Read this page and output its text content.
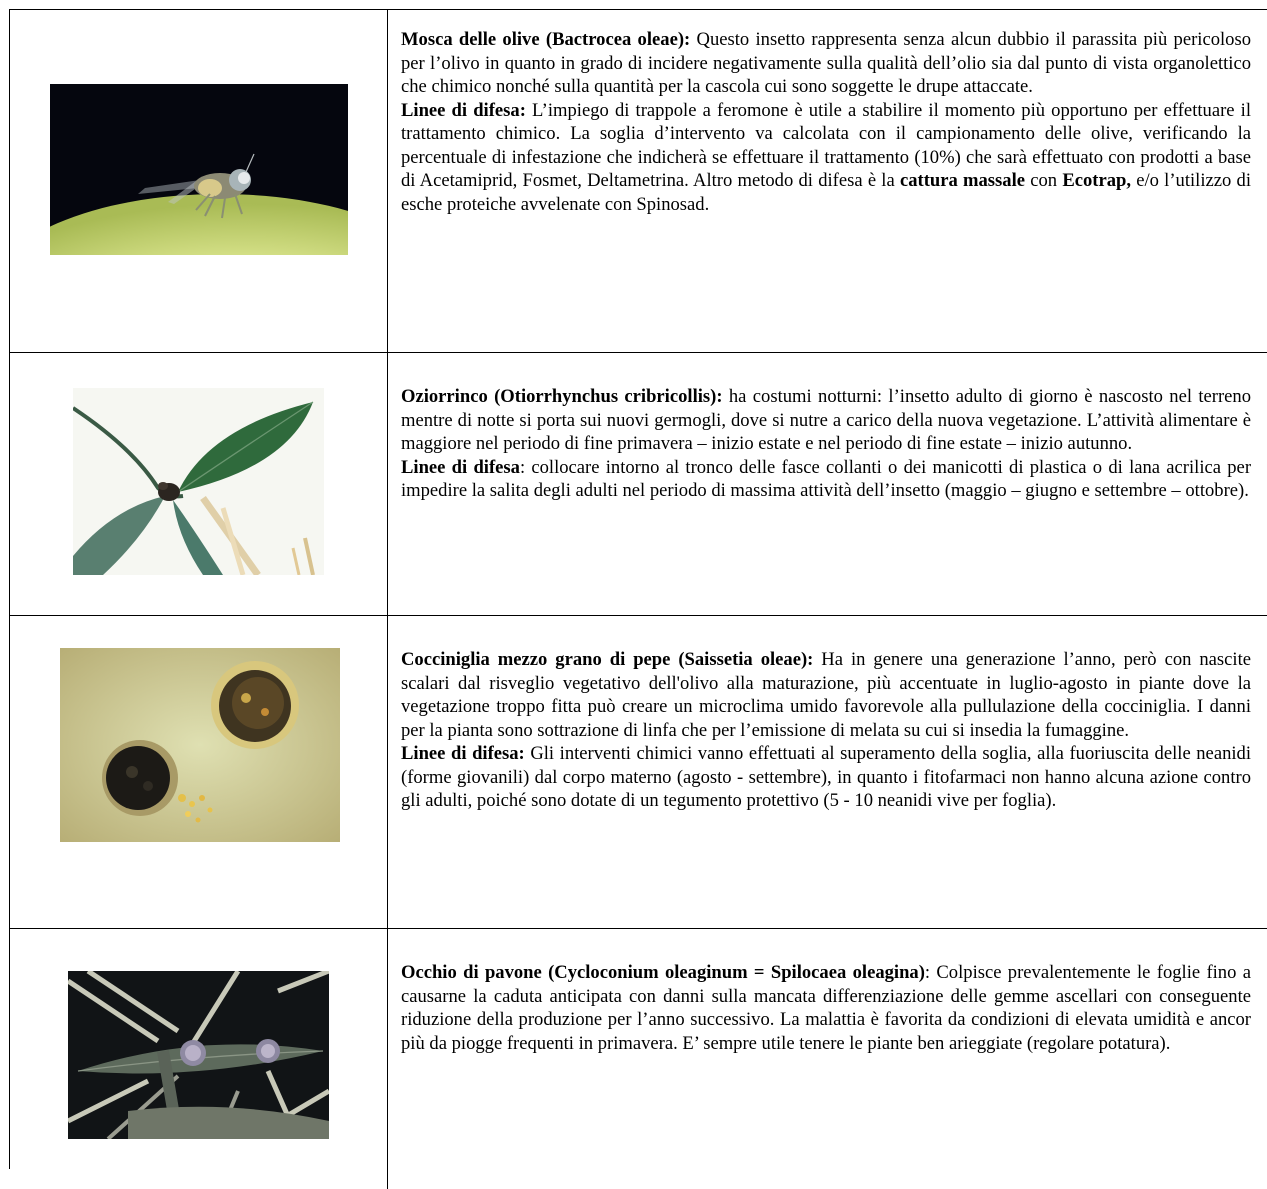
Mosca delle olive (Bactrocea oleae): Questo insetto rappresenta senza alcun dubbio il parassita più pericoloso per l’olivo in quanto in grado di incidere negativamente sulla qualità dell’olio sia dal punto di vista organolettico che chimico nonché sulla quantità per la cascola cui sono soggette le drupe attaccate.
Linee di difesa: L’impiego di trappole a feromone è utile a stabilire il momento più opportuno per effettuare il trattamento chimico. La soglia d’intervento va calcolata con il campionamento delle olive, verificando la percentuale di infestazione che indicherà se effettuare il trattamento (10%) che sarà effettuato con prodotti a base di Acetamiprid, Fosmet, Deltametrina. Altro metodo di difesa è la cattura massale con Ecotrap, e/o l’utilizzo di esche proteiche avvelenate con Spinosad.

Oziorrinco (Otiorrhynchus cribricollis): ha costumi notturni: l’insetto adulto di giorno è nascosto nel terreno mentre di notte si porta sui nuovi germogli, dove si nutre a carico della nuova vegetazione. L’attività alimentare è maggiore nel periodo di fine primavera – inizio estate e nel periodo di fine estate – inizio autunno.
Linee di difesa: collocare intorno al tronco delle fasce collanti o dei manicotti di plastica o di lana acrilica per impedire la salita degli adulti nel periodo di massima attività dell’insetto (maggio – giugno e settembre – ottobre).

Cocciniglia mezzo grano di pepe (Saissetia oleae): Ha in genere una generazione l’anno, però con nascite scalari dal risveglio vegetativo dell'olivo alla maturazione, più accentuate in luglio-agosto in piante dove la vegetazione troppo fitta può creare un microclima umido favorevole alla pullulazione della cocciniglia. I danni per la pianta sono sottrazione di linfa che per l’emissione di melata su cui si insedia la fumaggine.
Linee di difesa: Gli interventi chimici vanno effettuati al superamento della soglia, alla fuoriuscita delle neanidi (forme giovanili) dal corpo materno (agosto - settembre), in quanto i fitofarmaci non hanno alcuna azione contro gli adulti, poiché sono dotate di un tegumento protettivo (5 - 10 neanidi vive per foglia).

Occhio di pavone (Cycloconium oleaginum = Spilocaea oleagina): Colpisce prevalentemente le foglie fino a causarne la caduta anticipata con danni sulla mancata differenziazione delle gemme ascellari con conseguente riduzione della produzione per l’anno successivo. La malattia è favorita da condizioni di elevata umidità e ancor più da piogge frequenti in primavera. E’ sempre utile tenere le piante ben arieggiate (regolare potatura).
